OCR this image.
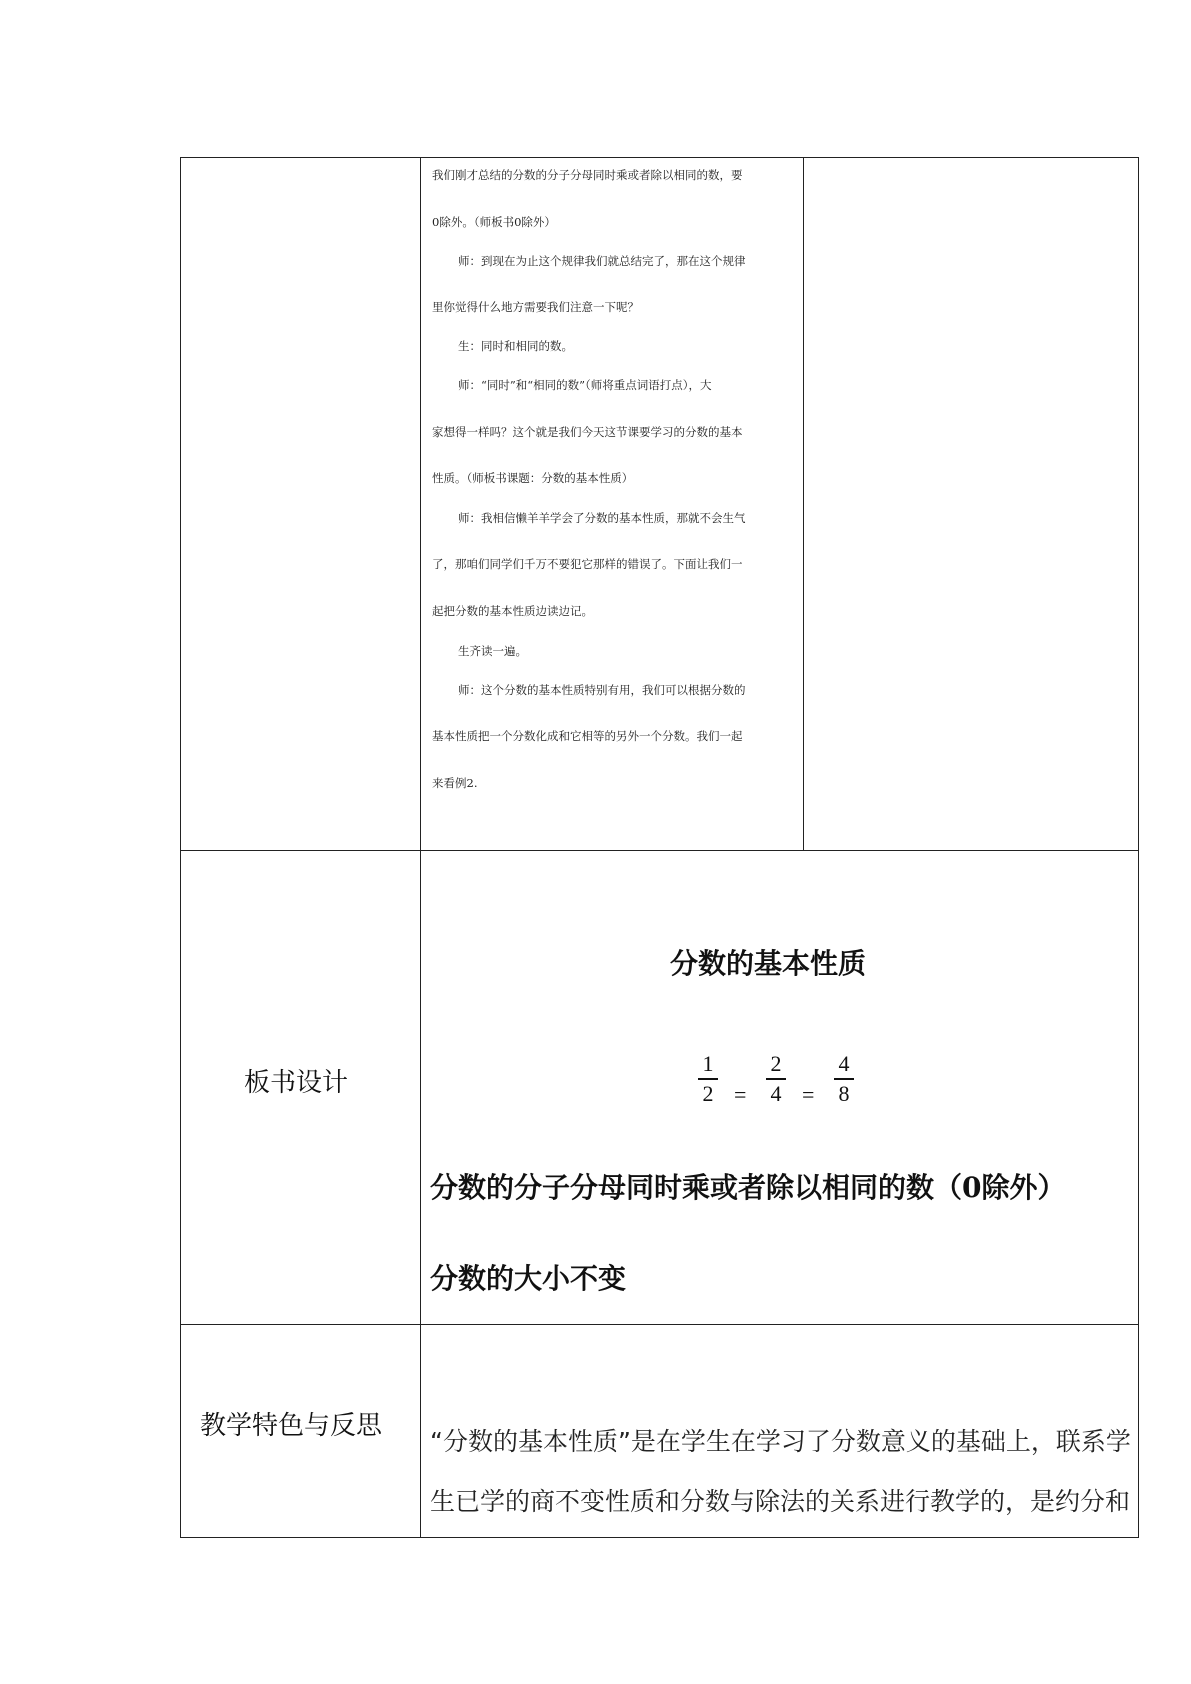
我们刚才总结的分数的分子分母同时乘或者除以相同的数，要

0除外。（师板书0除外）

师：到现在为止这个规律我们就总结完了，那在这个规律

里你觉得什么地方需要我们注意一下呢？

生：同时和相同的数。

师：“同时”和“相同的数”（师将重点词语打点），大

家想得一样吗？这个就是我们今天这节课要学习的分数的基本

性质。（师板书课题：分数的基本性质）

师：我相信懒羊羊学会了分数的基本性质，那就不会生气

了，那咱们同学们千万不要犯它那样的错误了。下面让我们一

起把分数的基本性质边读边记。

生齐读一遍。

师：这个分数的基本性质特别有用，我们可以根据分数的

基本性质把一个分数化成和它相等的另外一个分数。我们一起

来看例2.

板书设计
分数的基本性质
1
2 =
2
4 =
4
8
分数的分子分母同时乘或者除以相同的数（0除外）
分数的大小不变
教学特色与反思
“分数的基本性质”是在学生在学习了分数意义的基础上，联系学
生已学的商不变性质和分数与除法的关系进行教学的，是约分和
